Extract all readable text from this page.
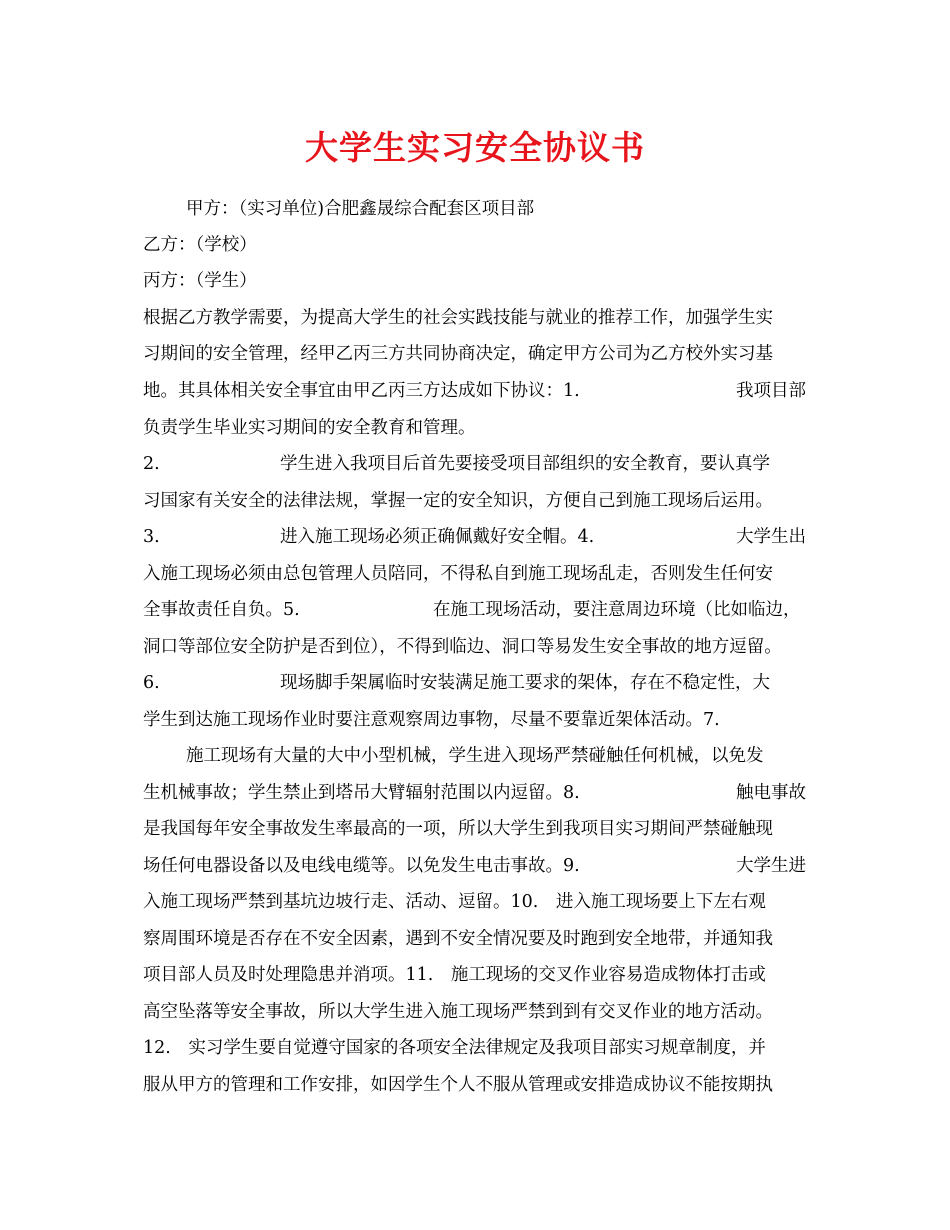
大学生实习安全协议书
甲方：（实习单位)合肥鑫晟综合配套区项目部
乙方：（学校）
丙方：（学生）
根据乙方教学需要，为提高大学生的社会实践技能与就业的推荐工作，加强学生实
习期间的安全管理，经甲乙丙三方共同协商决定，确定甲方公司为乙方校外实习基
地。其具体相关安全事宜由甲乙丙三方达成如下协议：1.	我项目部
负责学生毕业实习期间的安全教育和管理。
2.	学生进入我项目后首先要接受项目部组织的安全教育，要认真学
习国家有关安全的法律法规，掌握一定的安全知识，方便自己到施工现场后运用。
3.	进入施工现场必须正确佩戴好安全帽。4.	大学生出
入施工现场必须由总包管理人员陪同，不得私自到施工现场乱走，否则发生任何安
全事故责任自负。5.	在施工现场活动，要注意周边环境（比如临边，
洞口等部位安全防护是否到位），不得到临边、洞口等易发生安全事故的地方逗留。
6.	现场脚手架属临时安装满足施工要求的架体，存在不稳定性，大
学生到达施工现场作业时要注意观察周边事物，尽量不要靠近架体活动。7.
施工现场有大量的大中小型机械，学生进入现场严禁碰触任何机械，以免发
生机械事故；学生禁止到塔吊大臂辐射范围以内逗留。8.	触电事故
是我国每年安全事故发生率最高的一项，所以大学生到我项目实习期间严禁碰触现
场任何电器设备以及电线电缆等。以免发生电击事故。9.	大学生进
入施工现场严禁到基坑边坡行走、活动、逗留。10.　进入施工现场要上下左右观
察周围环境是否存在不安全因素，遇到不安全情况要及时跑到安全地带，并通知我
项目部人员及时处理隐患并消项。11.　施工现场的交叉作业容易造成物体打击或
高空坠落等安全事故，所以大学生进入施工现场严禁到到有交叉作业的地方活动。
12.　实习学生要自觉遵守国家的各项安全法律规定及我项目部实习规章制度，并
服从甲方的管理和工作安排，如因学生个人不服从管理或安排造成协议不能按期执
